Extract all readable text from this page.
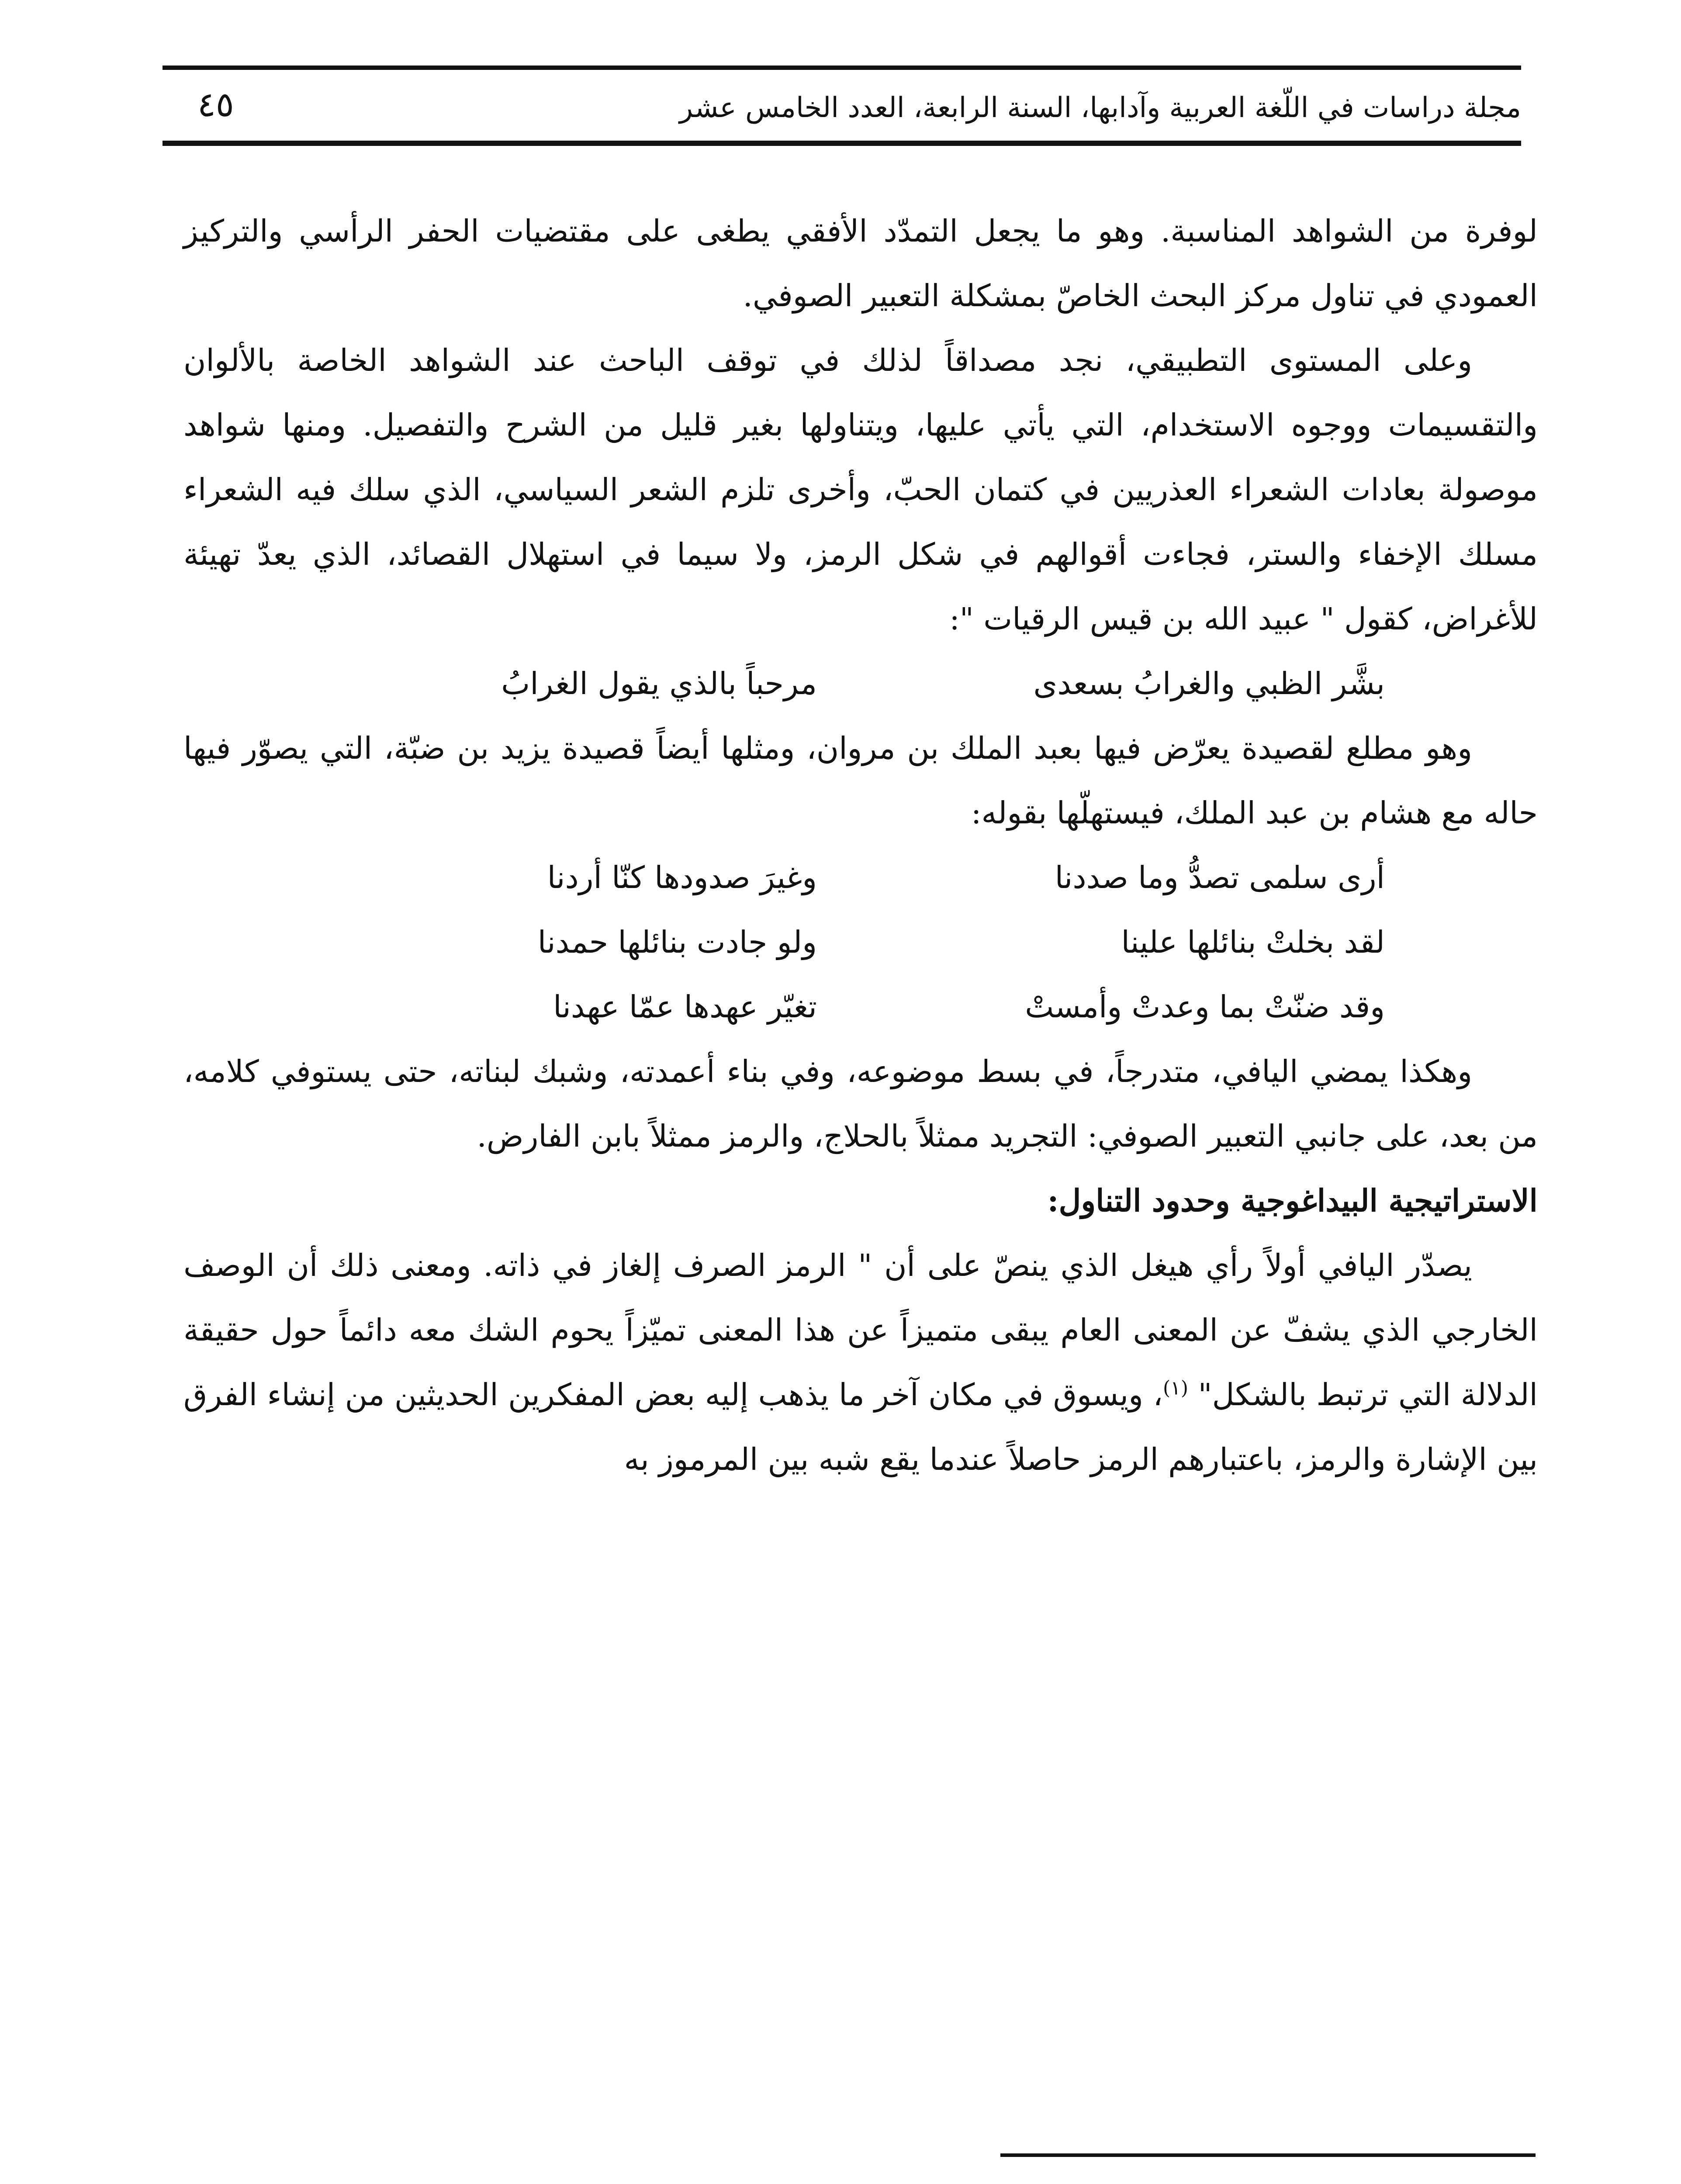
مجلة دراسات في اللّغة العربية وآدابها، السنة الرابعة، العدد الخامس عشر
٤٥

لوفرة من الشواهد المناسبة. وهو ما يجعل التمدّد الأفقي يطغى على مقتضيات الحفر الرأسي والتركيز العمودي في تناول مركز البحث الخاصّ بمشكلة التعبير الصوفي.

وعلى المستوى التطبيقي، نجد مصداقاً لذلك في توقف الباحث عند الشواهد الخاصة بالألوان والتقسيمات ووجوه الاستخدام، التي يأتي عليها، ويتناولها بغير قليل من الشرح والتفصيل. ومنها شواهد موصولة بعادات الشعراء العذريين في كتمان الحبّ، وأخرى تلزم الشعر السياسي، الذي سلك فيه الشعراء مسلك الإخفاء والستر، فجاءت أقوالهم في شكل الرمز، ولا سيما في استهلال القصائد، الذي يعدّ تهيئة للأغراض، كقول " عبيد الله بن قيس الرقيات ":

بشَّر الظبي والغرابُ بسعدى
مرحباً بالذي يقول الغرابُ

وهو مطلع لقصيدة يعرّض فيها بعبد الملك بن مروان، ومثلها أيضاً قصيدة يزيد بن ضبّة، التي يصوّر فيها حاله مع هشام بن عبد الملك، فيستهلّها بقوله:

أرى سلمى تصدُّ وما صددنا
وغيرَ صدودها كنّا أردنا
لقد بخلتْ بنائلها علينا
ولو جادت بنائلها حمدنا
وقد ضنّتْ بما وعدتْ وأمستْ
تغيّر عهدها عمّا عهدنا

وهكذا يمضي اليافي، متدرجاً، في بسط موضوعه، وفي بناء أعمدته، وشبك لبناته، حتى يستوفي كلامه، من بعد، على جانبي التعبير الصوفي: التجريد ممثلاً بالحلاج، والرمز ممثلاً بابن الفارض.

الاستراتيجية البيداغوجية وحدود التناول:

يصدّر اليافي أولاً رأي هيغل الذي ينصّ على أن " الرمز الصرف إلغاز في ذاته. ومعنى ذلك أن الوصف الخارجي الذي يشفّ عن المعنى العام يبقى متميزاً عن هذا المعنى تميّزاً يحوم الشك معه دائماً حول حقيقة الدلالة التي ترتبط بالشكل" $^{(١)}$، ويسوق في مكان آخر ما يذهب إليه بعض المفكرين الحديثين من إنشاء الفرق بين الإشارة والرمز، باعتبارهم الرمز حاصلاً عندما يقع شبه بين المرموز به
